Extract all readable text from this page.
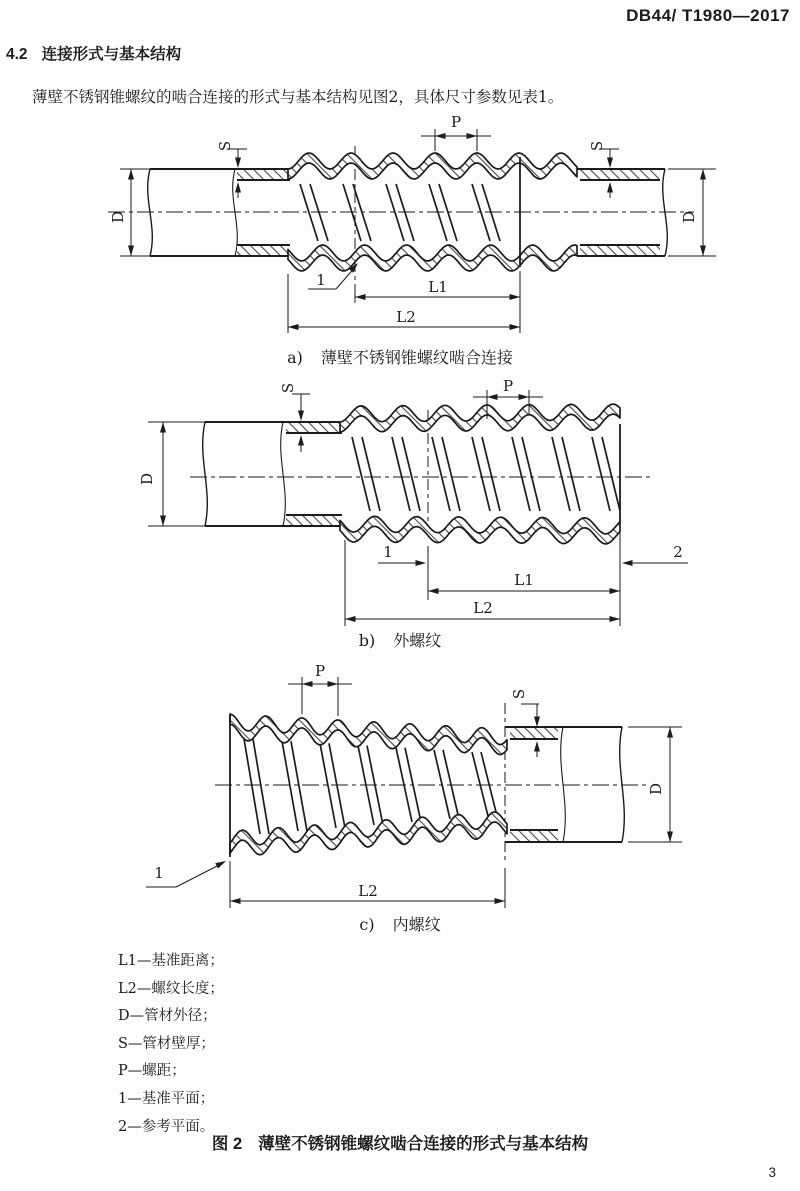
DB44/ T1980—2017
4.2 连接形式与基本结构
薄壁不锈钢锥螺纹的啮合连接的形式与基本结构见图2，具体尺寸参数见表1。
D	D
S	S
P
1	L1
L2
a) 薄壁不锈钢锥螺纹啮合连接
D
S	P
1	2
L1
L2
b) 外螺纹
P
S
D
1
L2
c) 内螺纹
L1—基准距离；
L2—螺纹长度；
D—管材外径；
S—管材壁厚；
P—螺距；
1—基准平面；
2—参考平面。
图 2 薄壁不锈钢锥螺纹啮合连接的形式与基本结构
3
